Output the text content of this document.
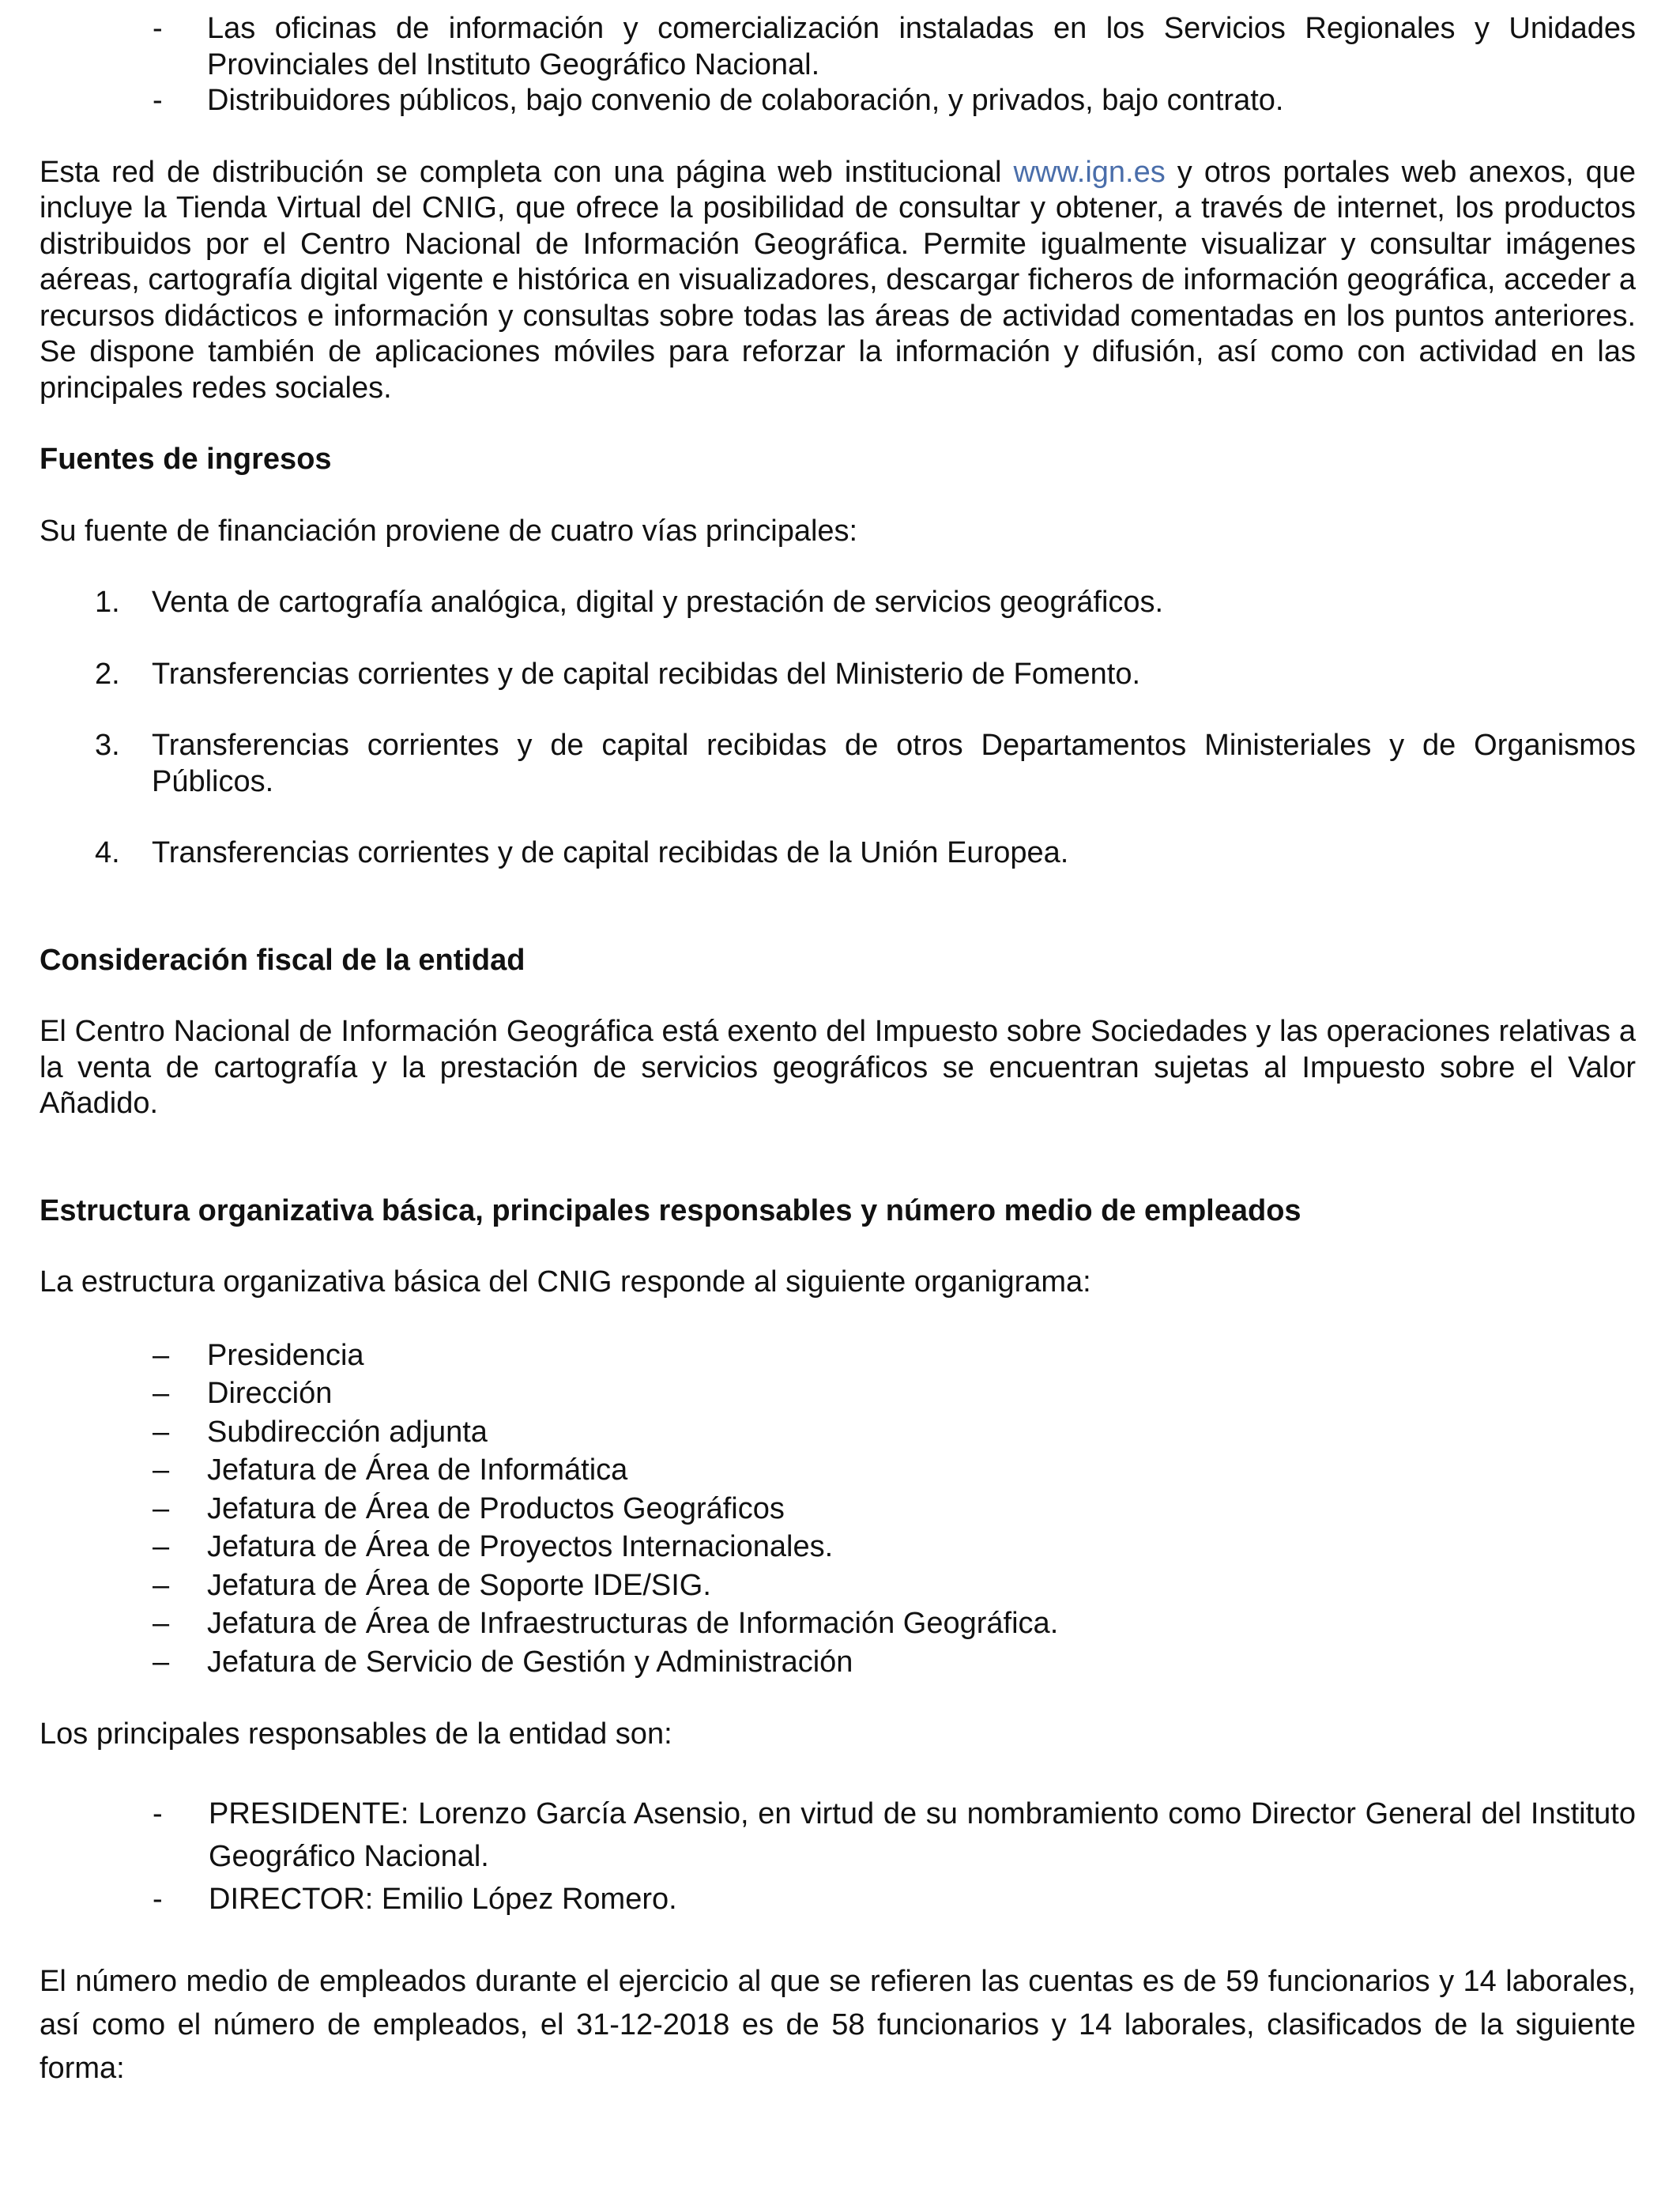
- Las oficinas de información y comercialización instaladas en los Servicios Regionales y Unidades Provinciales del Instituto Geográfico Nacional.
- Distribuidores públicos, bajo convenio de colaboración, y privados, bajo contrato.

Esta red de distribución se completa con una página web institucional www.ign.es y otros portales web anexos, que incluye la Tienda Virtual del CNIG, que ofrece la posibilidad de consultar y obtener, a través de internet, los productos distribuidos por el Centro Nacional de Información Geográfica. Permite igualmente visualizar y consultar imágenes aéreas, cartografía digital vigente e histórica en visualizadores, descargar ficheros de información geográfica, acceder a recursos didácticos e información y consultas sobre todas las áreas de actividad comentadas en los puntos anteriores. Se dispone también de aplicaciones móviles para reforzar la información y difusión, así como con actividad en las principales redes sociales.

Fuentes de ingresos

Su fuente de financiación proviene de cuatro vías principales:

1. Venta de cartografía analógica, digital y prestación de servicios geográficos.
2. Transferencias corrientes y de capital recibidas del Ministerio de Fomento.
3. Transferencias corrientes y de capital recibidas de otros Departamentos Ministeriales y de Organismos Públicos.
4. Transferencias corrientes y de capital recibidas de la Unión Europea.

Consideración fiscal de la entidad

El Centro Nacional de Información Geográfica está exento del Impuesto sobre Sociedades y las operaciones relativas a la venta de cartografía y la prestación de servicios geográficos se encuentran sujetas al Impuesto sobre el Valor Añadido.

Estructura organizativa básica, principales responsables y número medio de empleados

La estructura organizativa básica del CNIG responde al siguiente organigrama:

– Presidencia
– Dirección
– Subdirección adjunta
– Jefatura de Área de Informática
– Jefatura de Área de Productos Geográficos
– Jefatura de Área de Proyectos Internacionales.
– Jefatura de Área de Soporte IDE/SIG.
– Jefatura de Área de Infraestructuras de Información Geográfica.
– Jefatura de Servicio de Gestión y Administración

Los principales responsables de la entidad son:

- PRESIDENTE: Lorenzo García Asensio, en virtud de su nombramiento como Director General del Instituto Geográfico Nacional.
- DIRECTOR: Emilio López Romero.

El número medio de empleados durante el ejercicio al que se refieren las cuentas es de 59 funcionarios y 14 laborales, así como el número de empleados, el 31-12-2018 es de 58 funcionarios y 14 laborales, clasificados de la siguiente forma:
